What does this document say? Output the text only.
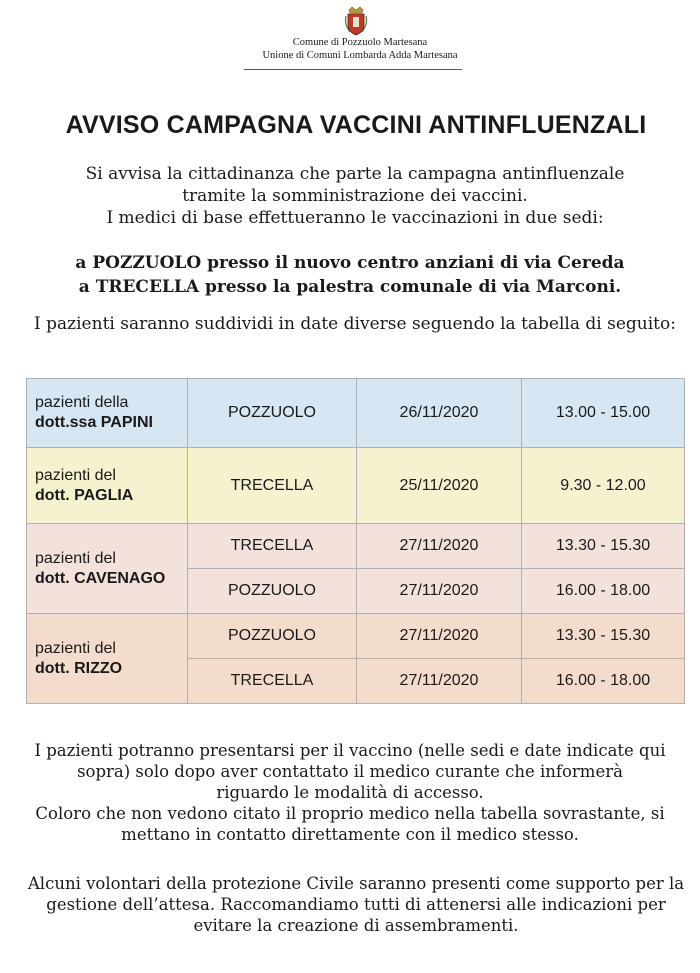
Comune di Pozzuolo Martesana
Unione di Comuni Lombarda Adda Martesana
AVVISO CAMPAGNA VACCINI ANTINFLUENZALI
Si avvisa la cittadinanza che parte la campagna antinfluenzale
tramite la somministrazione dei vaccini.
I medici di base effettueranno le vaccinazioni in due sedi:
a POZZUOLO presso il nuovo centro anziani di via Cereda
a TRECELLA presso la palestra comunale di via Marconi.
I pazienti saranno suddividi in date diverse seguendo la tabella di seguito:
pazienti della
dott.ssa PAPINI	POZZUOLO	26/11/2020	13.00 - 15.00

pazienti del
dott. PAGLIA	TRECELLA	25/11/2020	9.30 - 12.00

pazienti del
dott. CAVENAGO	TRECELLA	27/11/2020	13.30 - 15.30
	POZZUOLO	27/11/2020	16.00 - 18.00

pazienti del
dott. RIZZO	POZZUOLO	27/11/2020	13.30 - 15.30
	TRECELLA	27/11/2020	16.00 - 18.00
I pazienti potranno presentarsi per il vaccino (nelle sedi e date indicate qui
sopra) solo dopo aver contattato il medico curante che informerà
riguardo le modalità di accesso.
Coloro che non vedono citato il proprio medico nella tabella sovrastante, si
mettano in contatto direttamente con il medico stesso.
Alcuni volontari della protezione Civile saranno presenti come supporto per la
gestione dell’attesa. Raccomandiamo tutti di attenersi alle indicazioni per
evitare la creazione di assembramenti.
